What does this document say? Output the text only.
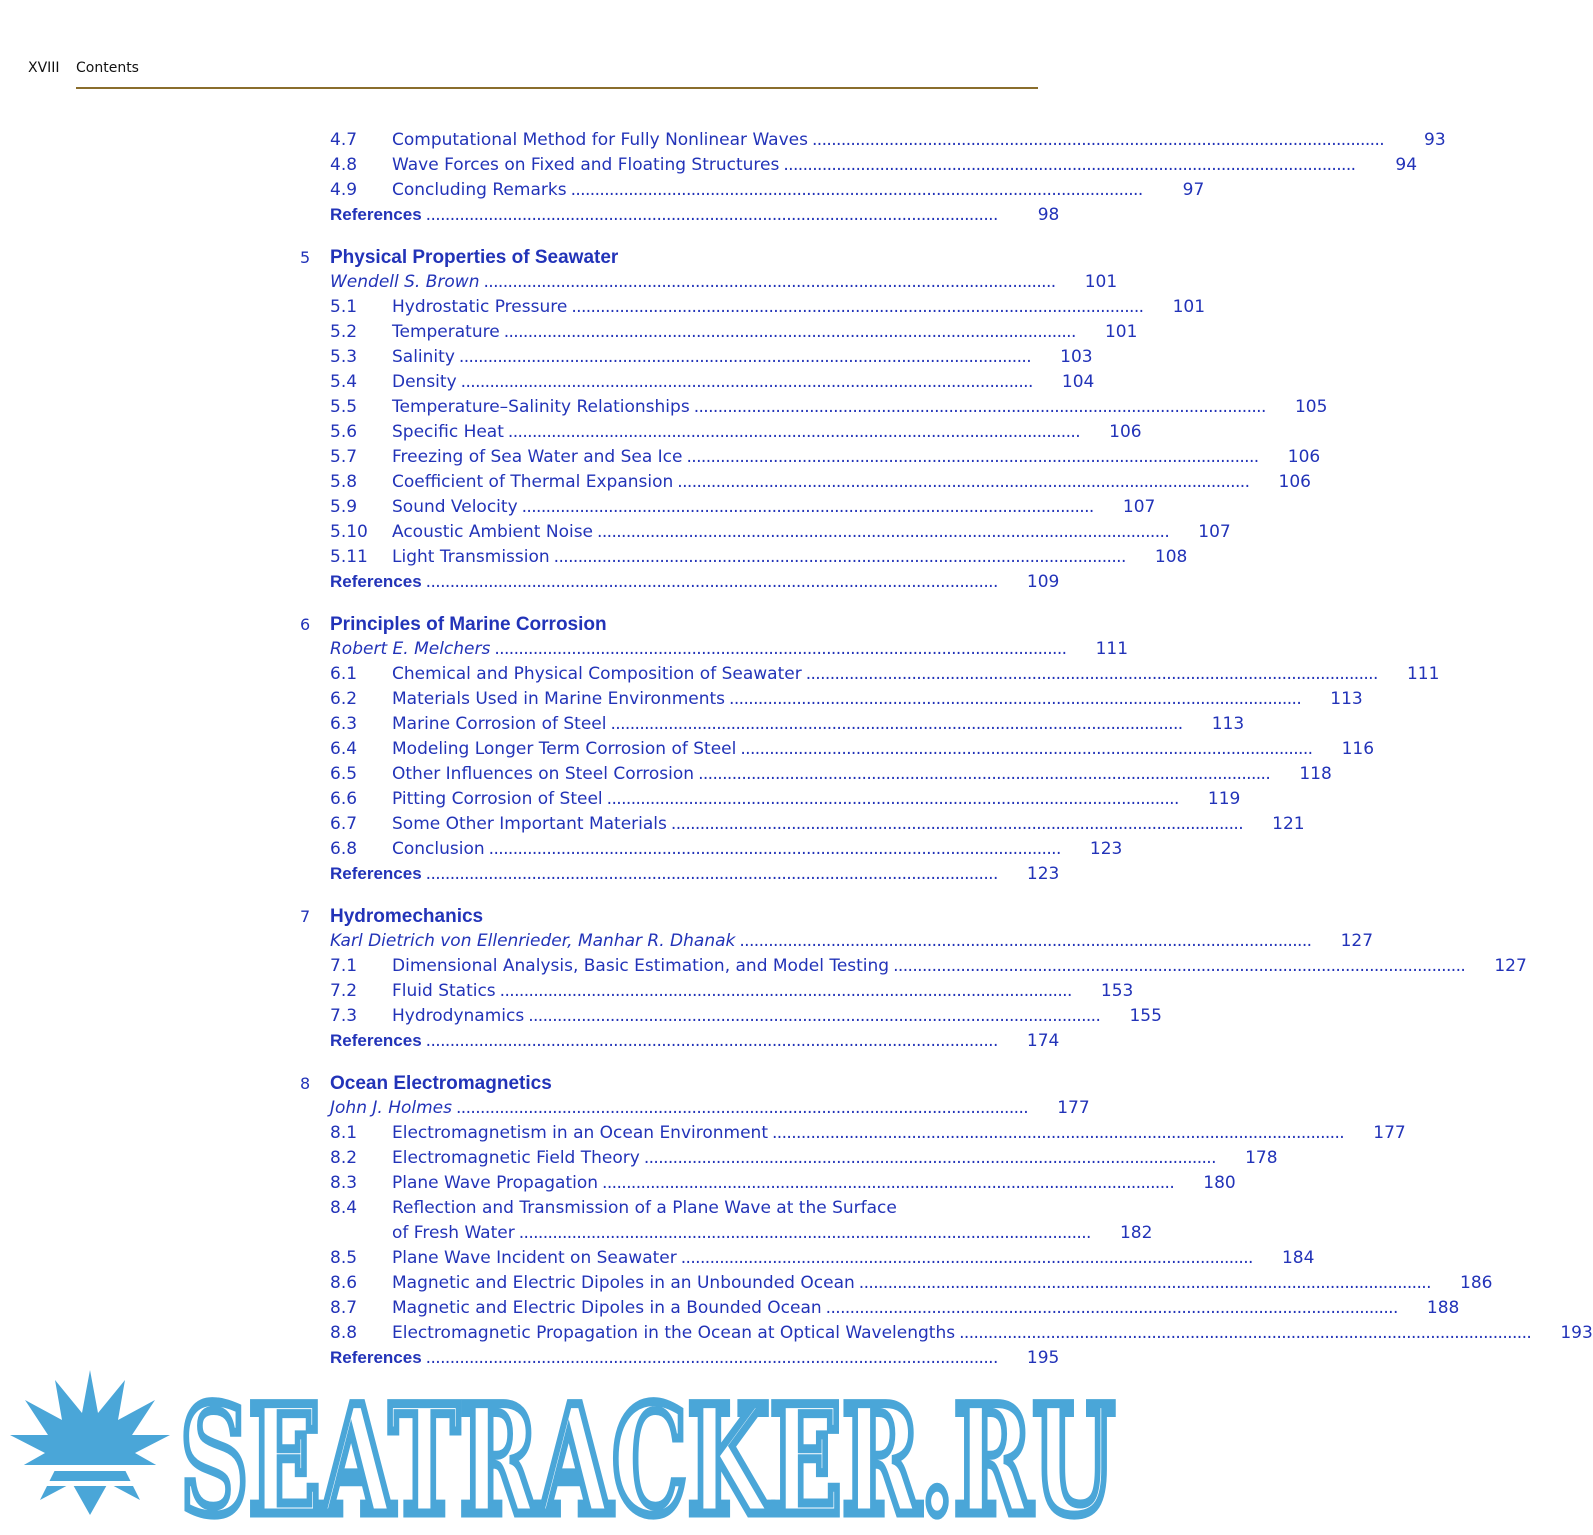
XVIII Contents
4.7	Computational Method for Fully Nonlinear Waves . . .	93
4.8	Wave Forces on Fixed and Floating Structures . . .	94
4.9	Concluding Remarks . . .	97
References . . .	98
5 Physical Properties of Seawater
Wendell S. Brown . . .	101
5.1	Hydrostatic Pressure . . .	101
5.2	Temperature . . .	101
5.3	Salinity . . .	103
5.4	Density . . .	104
5.5	Temperature–Salinity Relationships . . .	105
5.6	Specific Heat . . .	106
5.7	Freezing of Sea Water and Sea Ice . . .	106
5.8	Coefficient of Thermal Expansion . . .	106
5.9	Sound Velocity . . .	107
5.10	Acoustic Ambient Noise . . .	107
5.11	Light Transmission . . .	108
References . . .	109
6 Principles of Marine Corrosion
Robert E. Melchers . . .	111
6.1	Chemical and Physical Composition of Seawater . . .	111
6.2	Materials Used in Marine Environments . . .	113
6.3	Marine Corrosion of Steel . . .	113
6.4	Modeling Longer Term Corrosion of Steel . . .	116
6.5	Other Influences on Steel Corrosion . . .	118
6.6	Pitting Corrosion of Steel . . .	119
6.7	Some Other Important Materials . . .	121
6.8	Conclusion . . .	123
References . . .	123
7 Hydromechanics
Karl Dietrich von Ellenrieder, Manhar R. Dhanak . . .	127
7.1	Dimensional Analysis, Basic Estimation, and Model Testing . . .	127
7.2	Fluid Statics . . .	153
7.3	Hydrodynamics . . .	155
References . . .	174
8 Ocean Electromagnetics
John J. Holmes . . .	177
8.1	Electromagnetism in an Ocean Environment . . .	177
8.2	Electromagnetic Field Theory . . .	178
8.3	Plane Wave Propagation . . .	180
8.4	Reflection and Transmission of a Plane Wave at the Surface
of Fresh Water . . .	182
8.5	Plane Wave Incident on Seawater . . .	184
8.6	Magnetic and Electric Dipoles in an Unbounded Ocean . . .	186
8.7	Magnetic and Electric Dipoles in a Bounded Ocean . . .	188
8.8	Electromagnetic Propagation in the Ocean at Optical Wavelengths . . .	193
References . . .	195
SEATRACKER.RU
